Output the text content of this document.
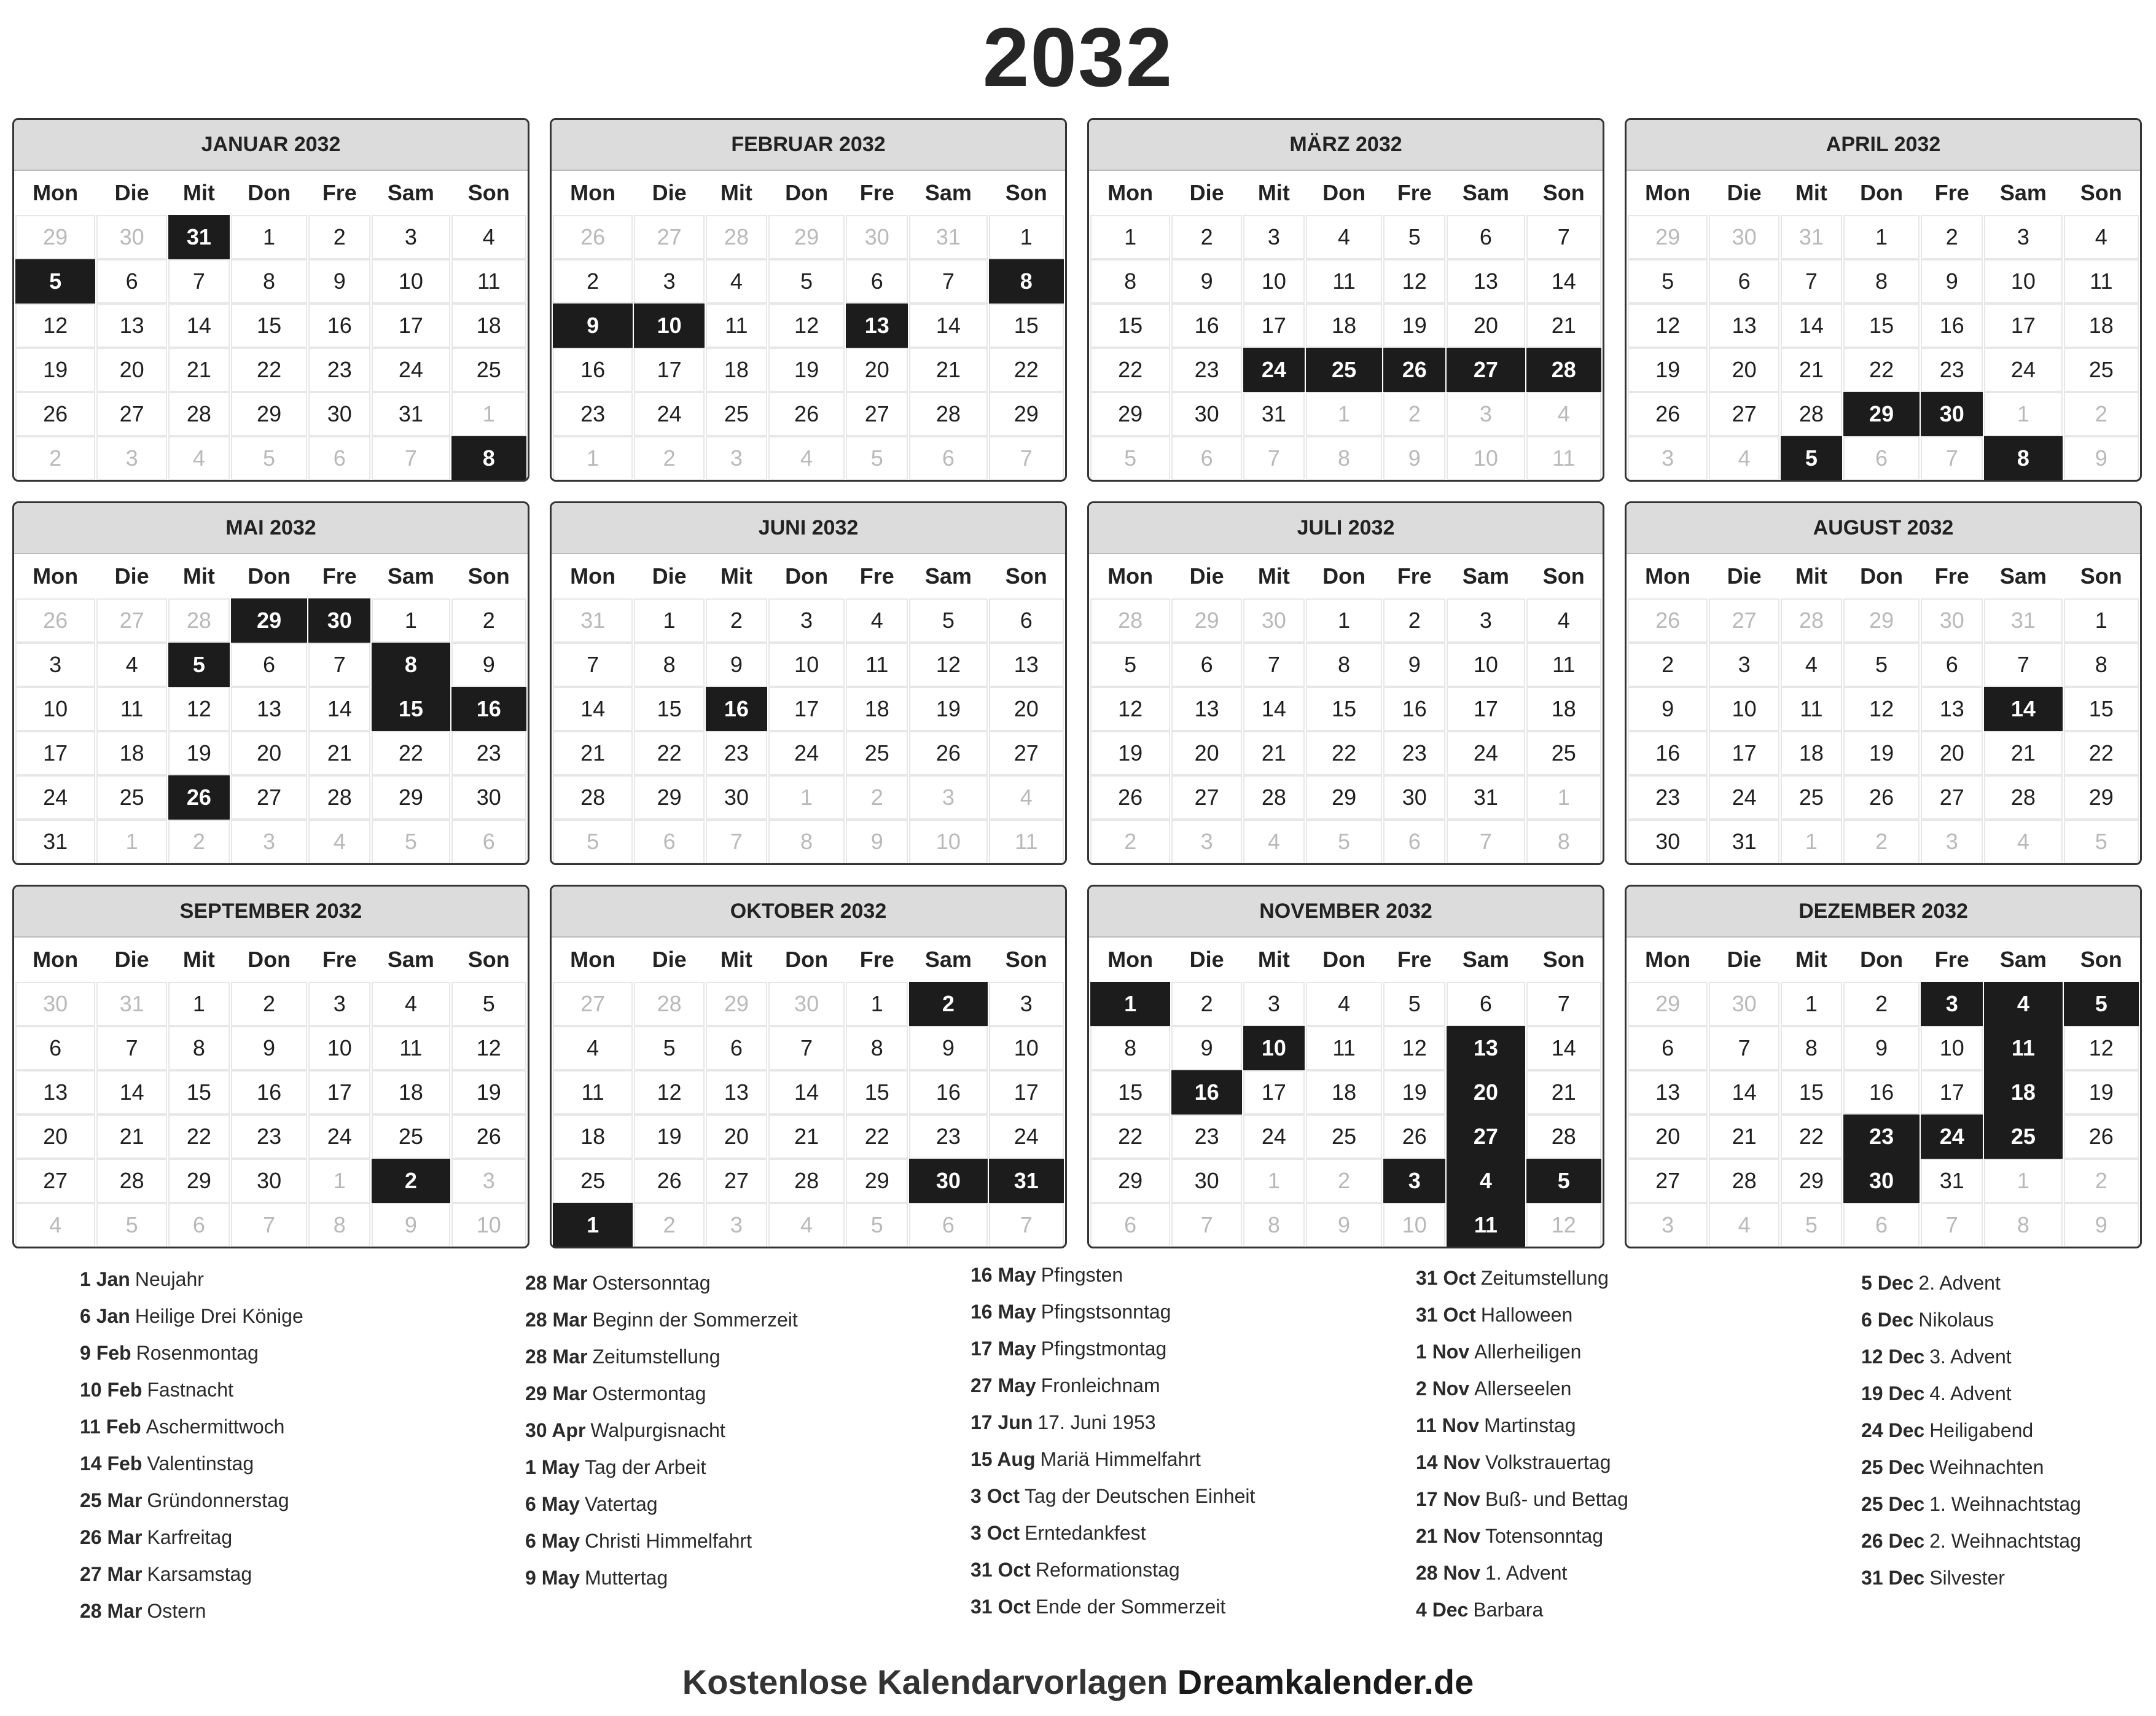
2032
JANUAR 2032
Mon	Die	Mit	Don	Fre	Sam	Son
29	30	31	1	2	3	4
5	6	7	8	9	10	11
12	13	14	15	16	17	18
19	20	21	22	23	24	25
26	27	28	29	30	31	1
2	3	4	5	6	7	8
FEBRUAR 2032
Mon	Die	Mit	Don	Fre	Sam	Son
26	27	28	29	30	31	1
2	3	4	5	6	7	8
9	10	11	12	13	14	15
16	17	18	19	20	21	22
23	24	25	26	27	28	29
1	2	3	4	5	6	7
MÄRZ 2032
Mon	Die	Mit	Don	Fre	Sam	Son
1	2	3	4	5	6	7
8	9	10	11	12	13	14
15	16	17	18	19	20	21
22	23	24	25	26	27	28
29	30	31	1	2	3	4
5	6	7	8	9	10	11
APRIL 2032
Mon	Die	Mit	Don	Fre	Sam	Son
29	30	31	1	2	3	4
5	6	7	8	9	10	11
12	13	14	15	16	17	18
19	20	21	22	23	24	25
26	27	28	29	30	1	2
3	4	5	6	7	8	9
MAI 2032
Mon	Die	Mit	Don	Fre	Sam	Son
26	27	28	29	30	1	2
3	4	5	6	7	8	9
10	11	12	13	14	15	16
17	18	19	20	21	22	23
24	25	26	27	28	29	30
31	1	2	3	4	5	6
JUNI 2032
Mon	Die	Mit	Don	Fre	Sam	Son
31	1	2	3	4	5	6
7	8	9	10	11	12	13
14	15	16	17	18	19	20
21	22	23	24	25	26	27
28	29	30	1	2	3	4
5	6	7	8	9	10	11
JULI 2032
Mon	Die	Mit	Don	Fre	Sam	Son
28	29	30	1	2	3	4
5	6	7	8	9	10	11
12	13	14	15	16	17	18
19	20	21	22	23	24	25
26	27	28	29	30	31	1
2	3	4	5	6	7	8
AUGUST 2032
Mon	Die	Mit	Don	Fre	Sam	Son
26	27	28	29	30	31	1
2	3	4	5	6	7	8
9	10	11	12	13	14	15
16	17	18	19	20	21	22
23	24	25	26	27	28	29
30	31	1	2	3	4	5
SEPTEMBER 2032
Mon	Die	Mit	Don	Fre	Sam	Son
30	31	1	2	3	4	5
6	7	8	9	10	11	12
13	14	15	16	17	18	19
20	21	22	23	24	25	26
27	28	29	30	1	2	3
4	5	6	7	8	9	10
OKTOBER 2032
Mon	Die	Mit	Don	Fre	Sam	Son
27	28	29	30	1	2	3
4	5	6	7	8	9	10
11	12	13	14	15	16	17
18	19	20	21	22	23	24
25	26	27	28	29	30	31
1	2	3	4	5	6	7
NOVEMBER 2032
Mon	Die	Mit	Don	Fre	Sam	Son
1	2	3	4	5	6	7
8	9	10	11	12	13	14
15	16	17	18	19	20	21
22	23	24	25	26	27	28
29	30	1	2	3	4	5
6	7	8	9	10	11	12
DEZEMBER 2032
Mon	Die	Mit	Don	Fre	Sam	Son
29	30	1	2	3	4	5
6	7	8	9	10	11	12
13	14	15	16	17	18	19
20	21	22	23	24	25	26
27	28	29	30	31	1	2
3	4	5	6	7	8	9
1 Jan Neujahr
6 Jan Heilige Drei Könige
9 Feb Rosenmontag
10 Feb Fastnacht
11 Feb Aschermittwoch
14 Feb Valentinstag
25 Mar Gründonnerstag
26 Mar Karfreitag
27 Mar Karsamstag
28 Mar Ostern
28 Mar Ostersonntag
28 Mar Beginn der Sommerzeit
28 Mar Zeitumstellung
29 Mar Ostermontag
30 Apr Walpurgisnacht
1 May Tag der Arbeit
6 May Vatertag
6 May Christi Himmelfahrt
9 May Muttertag
16 May Pfingsten
16 May Pfingstsonntag
17 May Pfingstmontag
27 May Fronleichnam
17 Jun 17. Juni 1953
15 Aug Mariä Himmelfahrt
3 Oct Tag der Deutschen Einheit
3 Oct Erntedankfest
31 Oct Reformationstag
31 Oct Ende der Sommerzeit
31 Oct Zeitumstellung
31 Oct Halloween
1 Nov Allerheiligen
2 Nov Allerseelen
11 Nov Martinstag
14 Nov Volkstrauertag
17 Nov Buß- und Bettag
21 Nov Totensonntag
28 Nov 1. Advent
4 Dec Barbara
5 Dec 2. Advent
6 Dec Nikolaus
12 Dec 3. Advent
19 Dec 4. Advent
24 Dec Heiligabend
25 Dec Weihnachten
25 Dec 1. Weihnachtstag
26 Dec 2. Weihnachtstag
31 Dec Silvester
Kostenlose Kalendarvorlagen Dreamkalender.de
